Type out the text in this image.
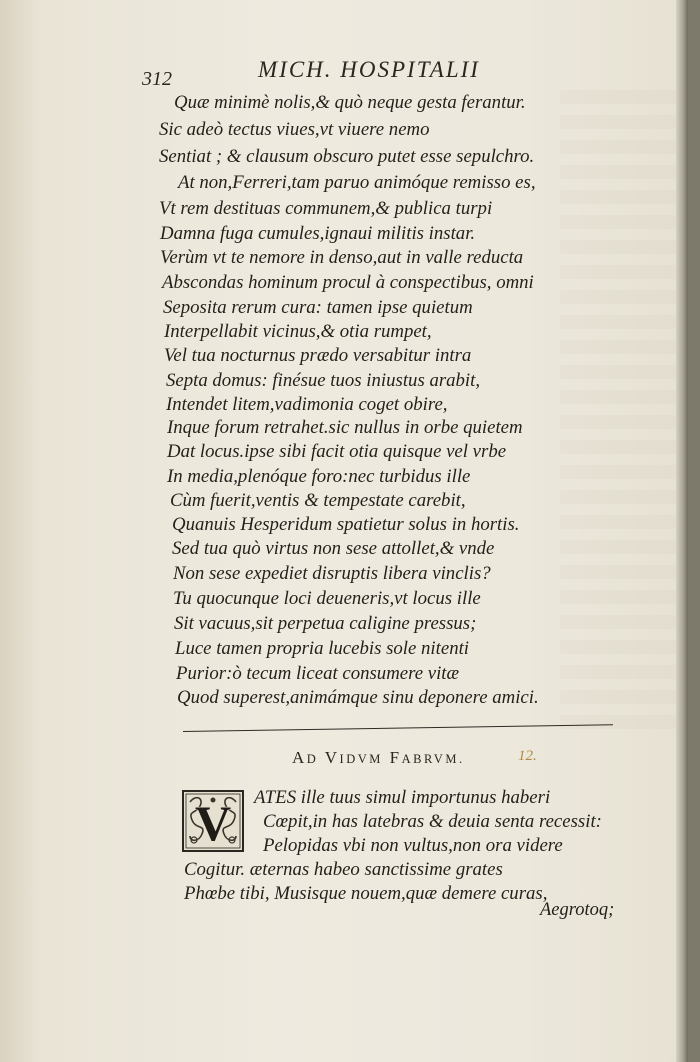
312	MICH. HOSPITALII
Quæ minimè nolis,& quò neque gesta ferantur.
Sic adeò tectus viues,vt viuere nemo
Sentiat ; & clausum obscuro putet esse sepulchro.
At non,Ferreri,tam paruo animóque remisso es,
Vt rem destituas communem,& publica turpi
Damna fuga cumules,ignaui militis instar.
Verùm vt te nemore in denso,aut in valle reducta
Abscondas hominum procul à conspectibus, omni
Seposita rerum cura: tamen ipse quietum
Interpellabit vicinus,& otia rumpet,
Vel tua nocturnus prædo versabitur intra
Septa domus: finésue tuos iniustus arabit,
Intendet litem,vadimonia coget obire,
Inque forum retrahet.sic nullus in orbe quietem
Dat locus.ipse sibi facit otia quisque vel vrbe
In media,plenóque foro:nec turbidus ille
Cùm fuerit,ventis & tempestate carebit,
Quanuis Hesperidum spatietur solus in hortis.
Sed tua quò virtus non sese attollet,& vnde
Non sese expediet disruptis libera vinclis?
Tu quocunque loci deueneris,vt locus ille
Sit vacuus,sit perpetua caligine pressus;
Luce tamen propria lucebis sole nitenti
Purior:ò tecum liceat consumere vitæ
Quod superest,animámque sinu deponere amici.
AD VIDVM FABRVM.	12.
V ATES ille tuus simul importunus haberi
Cœpit,in has latebras & deuia senta recessit:
Pelopidas vbi non vultus,non ora videre
Cogitur. æternas habeo sanctissime grates
Phœbe tibi, Musisque nouem,quæ demere curas,
Aegrotoq;
